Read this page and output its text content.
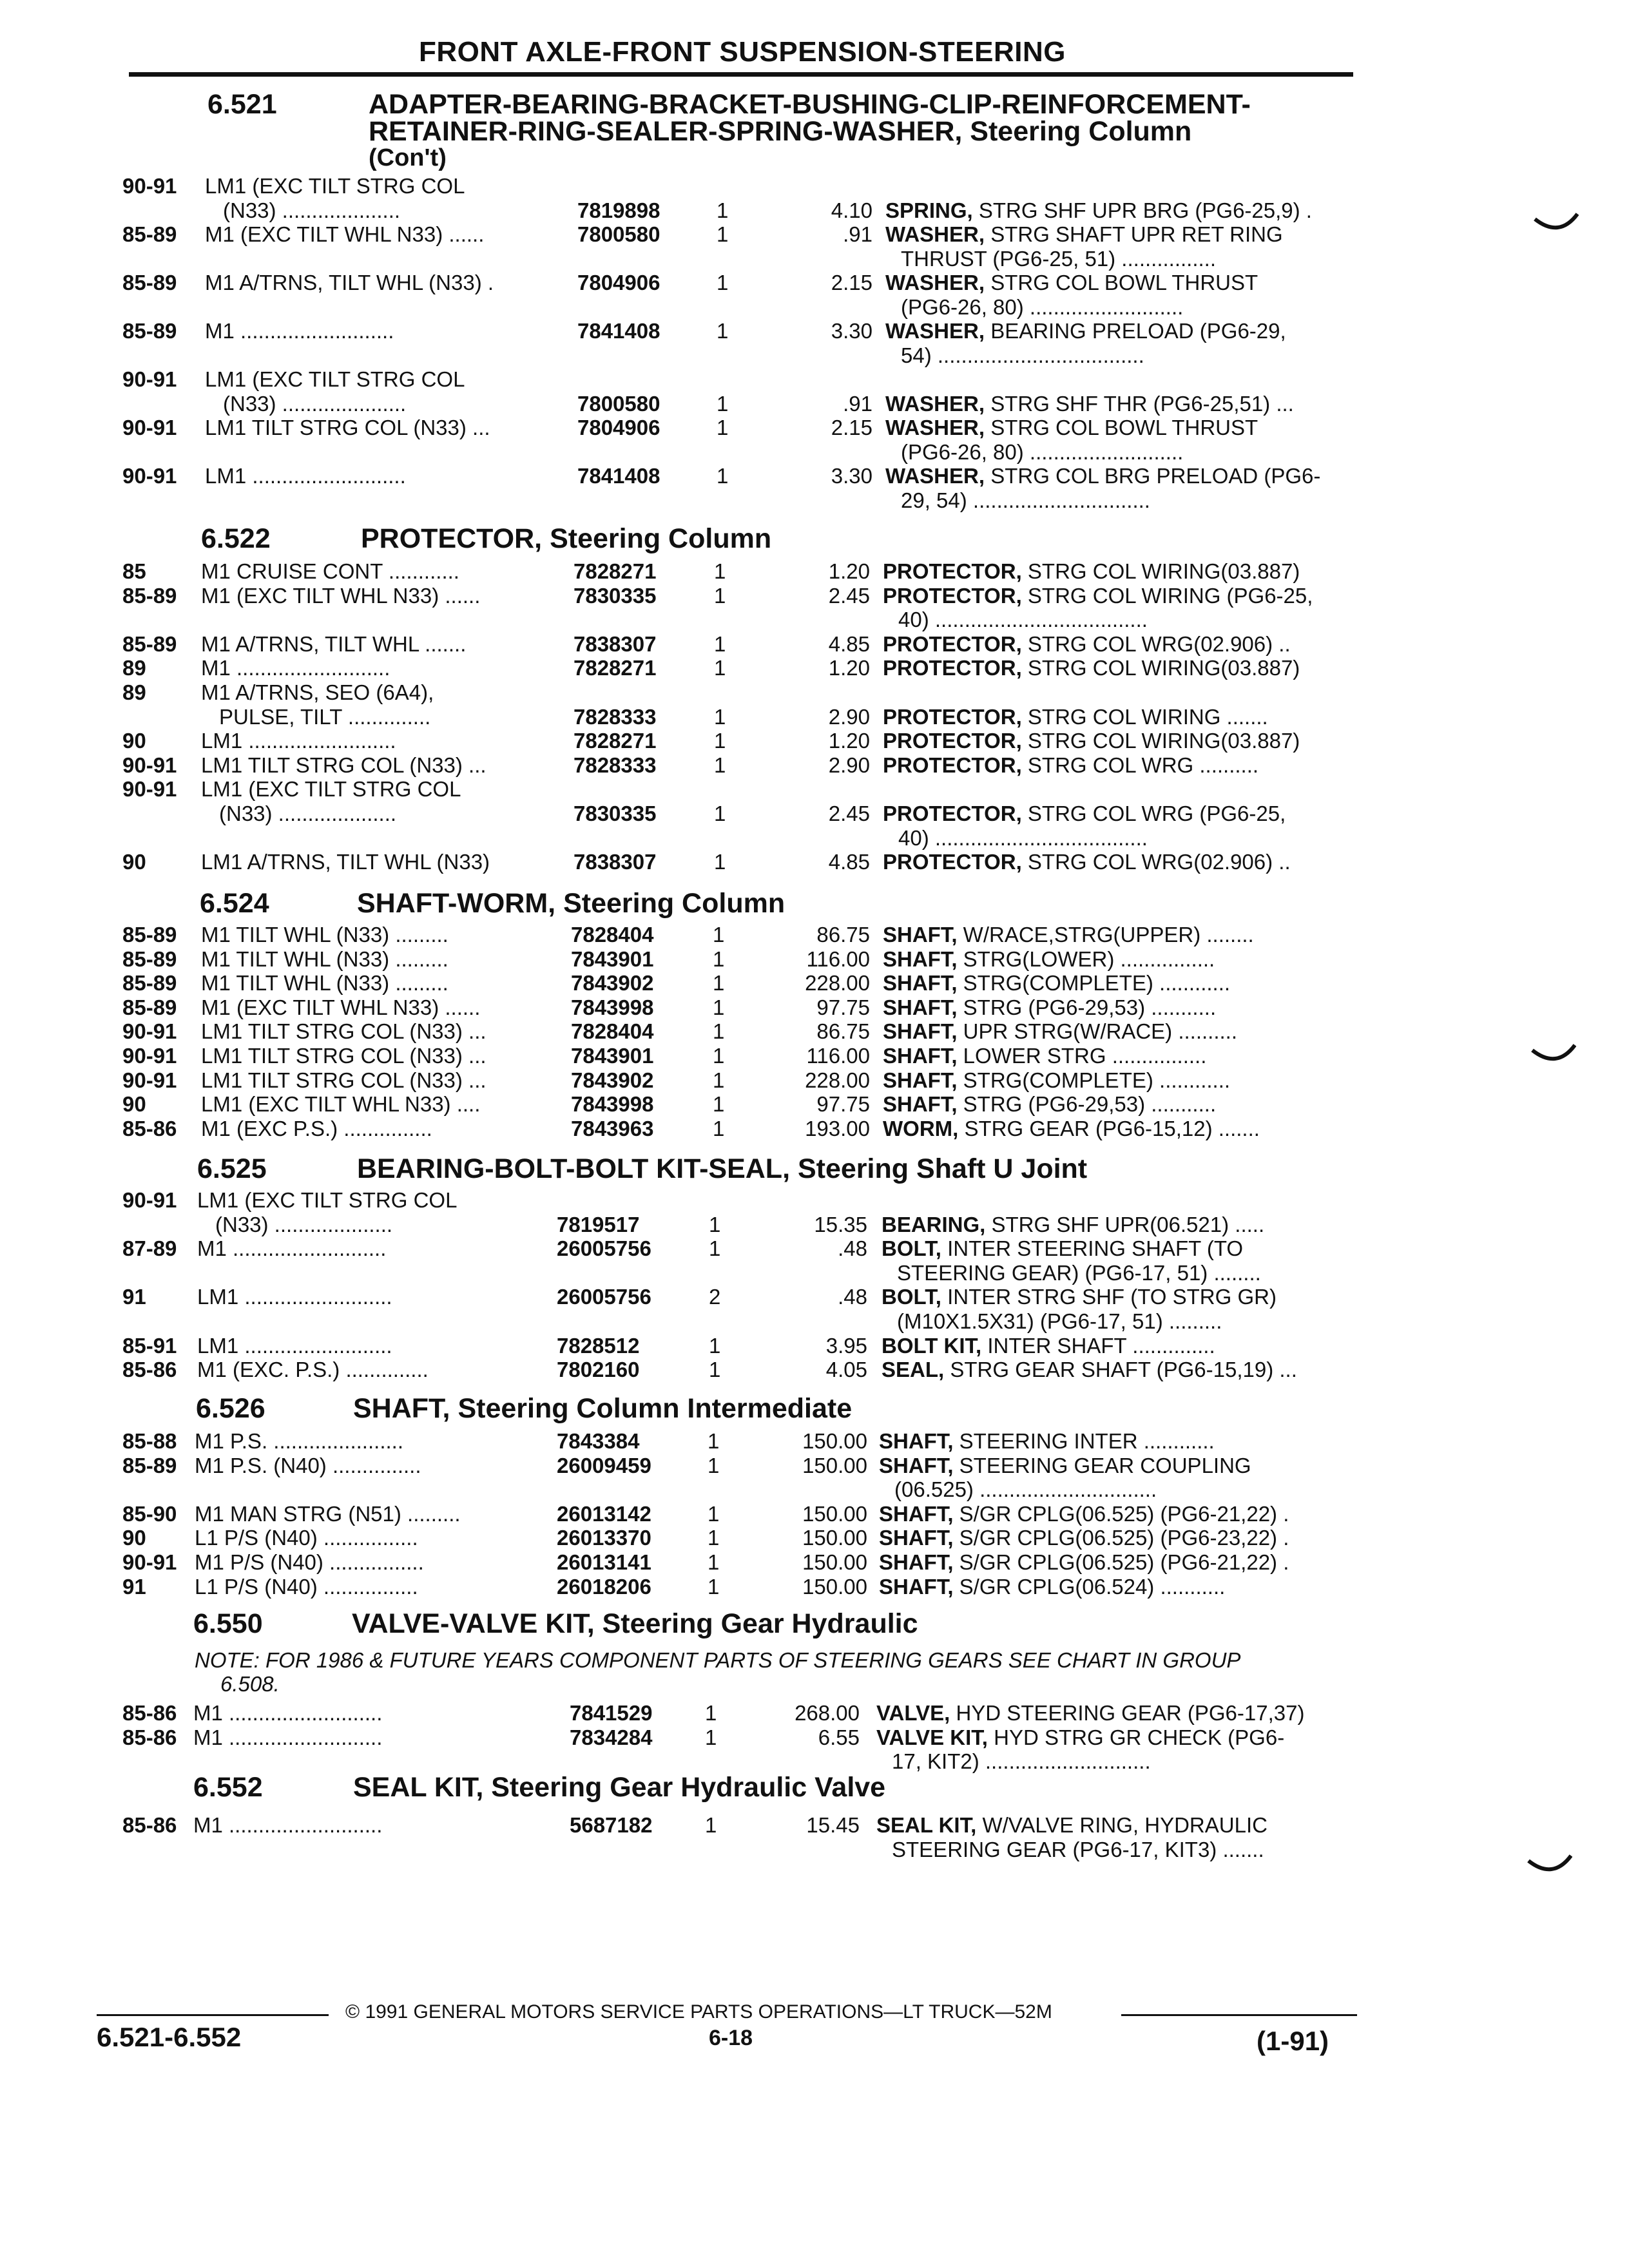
FRONT AXLE-FRONT SUSPENSION-STEERING
6.521	ADAPTER-BEARING-BRACKET-BUSHING-CLIP-REINFORCEMENT-
RETAINER-RING-SEALER-SPRING-WASHER, Steering Column
(Con't)
6.522	PROTECTOR, Steering Column
6.524	SHAFT-WORM, Steering Column
6.525	BEARING-BOLT-BOLT KIT-SEAL, Steering Shaft U Joint
6.526	SHAFT, Steering Column Intermediate
6.550	VALVE-VALVE KIT, Steering Gear Hydraulic
NOTE: FOR 1986 & FUTURE YEARS COMPONENT PARTS OF STEERING GEARS SEE CHART IN GROUP
6.508.
6.552	SEAL KIT, Steering Gear Hydraulic Valve
90-91 LM1 (EXC TILT STRG COL
(N33) ....................	7819898	1	4.10 SPRING, STRG SHF UPR BRG (PG6-25,9) .
85-89 M1 (EXC TILT WHL N33) ......	7800580	1	.91 WASHER, STRG SHAFT UPR RET RING
THRUST (PG6-25, 51) ................
85-89 M1 A/TRNS, TILT WHL (N33) .	7804906	1	2.15 WASHER, STRG COL BOWL THRUST
(PG6-26, 80) ..........................
85-89 M1 ..........................	7841408	1	3.30 WASHER, BEARING PRELOAD (PG6-29,
54) ...................................
90-91 LM1 (EXC TILT STRG COL
(N33) .....................	7800580	1	.91 WASHER, STRG SHF THR (PG6-25,51) ...
90-91 LM1 TILT STRG COL (N33) ...	7804906	1	2.15 WASHER, STRG COL BOWL THRUST
(PG6-26, 80) ..........................
90-91 LM1 ..........................	7841408	1	3.30 WASHER, STRG COL BRG PRELOAD (PG6-
29, 54) ..............................
85	M1 CRUISE CONT ............	7828271	1	1.20 PROTECTOR, STRG COL WIRING(03.887)
85-89 M1 (EXC TILT WHL N33) ......	7830335	1	2.45 PROTECTOR, STRG COL WIRING (PG6-25,
40) ....................................
85-89 M1 A/TRNS, TILT WHL .......	7838307	1	4.85 PROTECTOR, STRG COL WRG(02.906) ..
89	M1 ..........................	7828271	1	1.20 PROTECTOR, STRG COL WIRING(03.887)
89	M1 A/TRNS, SEO (6A4),
PULSE, TILT ..............	7828333	1	2.90 PROTECTOR, STRG COL WIRING .......
90	LM1 .........................	7828271	1	1.20 PROTECTOR, STRG COL WIRING(03.887)
90-91 LM1 TILT STRG COL (N33) ...	7828333	1	2.90 PROTECTOR, STRG COL WRG ..........
90-91 LM1 (EXC TILT STRG COL
(N33) ....................	7830335	1	2.45 PROTECTOR, STRG COL WRG (PG6-25,
40) ....................................
90	LM1 A/TRNS, TILT WHL (N33)	7838307	1	4.85 PROTECTOR, STRG COL WRG(02.906) ..
85-89 M1 TILT WHL (N33) .........	7828404	1	86.75 SHAFT, W/RACE,STRG(UPPER) ........
85-89 M1 TILT WHL (N33) .........	7843901	1	116.00 SHAFT, STRG(LOWER) ................
85-89 M1 TILT WHL (N33) .........	7843902	1	228.00 SHAFT, STRG(COMPLETE) ............
85-89 M1 (EXC TILT WHL N33) ......	7843998	1	97.75 SHAFT, STRG (PG6-29,53) ...........
90-91 LM1 TILT STRG COL (N33) ...	7828404	1	86.75 SHAFT, UPR STRG(W/RACE) ..........
90-91 LM1 TILT STRG COL (N33) ...	7843901	1	116.00 SHAFT, LOWER STRG ................
90-91 LM1 TILT STRG COL (N33) ...	7843902	1	228.00 SHAFT, STRG(COMPLETE) ............
90	LM1 (EXC TILT WHL N33) ....	7843998	1	97.75 SHAFT, STRG (PG6-29,53) ...........
85-86 M1 (EXC P.S.) ...............	7843963	1	193.00 WORM, STRG GEAR (PG6-15,12) .......
90-91 LM1 (EXC TILT STRG COL
(N33) ....................	7819517	1	15.35 BEARING, STRG SHF UPR(06.521) .....
87-89 M1 ..........................	26005756	1	.48 BOLT, INTER STEERING SHAFT (TO
STEERING GEAR) (PG6-17, 51) ........
91 LM1 .........................	26005756	2	.48 BOLT, INTER STRG SHF (TO STRG GR)
(M10X1.5X31) (PG6-17, 51) .........
85-91 LM1 .........................	7828512	1	3.95 BOLT KIT, INTER SHAFT ..............
85-86 M1 (EXC. P.S.) ..............	7802160	1	4.05 SEAL, STRG GEAR SHAFT (PG6-15,19) ...
85-88 M1 P.S. ......................	7843384	1	150.00 SHAFT, STEERING INTER ............
85-89 M1 P.S. (N40) ...............	26009459	1	150.00 SHAFT, STEERING GEAR COUPLING
(06.525) ..............................
85-90 M1 MAN STRG (N51) .........	26013142	1	150.00 SHAFT, S/GR CPLG(06.525) (PG6-21,22) .
90 L1 P/S (N40) ................	26013370	1	150.00 SHAFT, S/GR CPLG(06.525) (PG6-23,22) .
90-91 M1 P/S (N40) ................	26013141	1	150.00 SHAFT, S/GR CPLG(06.525) (PG6-21,22) .
91 L1 P/S (N40) ................	26018206	1	150.00 SHAFT, S/GR CPLG(06.524) ...........
85-86 M1 ..........................	7841529 1	268.00 VALVE, HYD STEERING GEAR (PG6-17,37)
85-86 M1 ..........................	7834284 1	6.55 VALVE KIT, HYD STRG GR CHECK (PG6-
17, KIT2) ............................
85-86 M1 ..........................	5687182 1	15.45 SEAL KIT, W/VALVE RING, HYDRAULIC
STEERING GEAR (PG6-17, KIT3) .......
© 1991 GENERAL MOTORS SERVICE PARTS OPERATIONS—LT TRUCK—52M
6.521-6.552	6-18	(1-91)
